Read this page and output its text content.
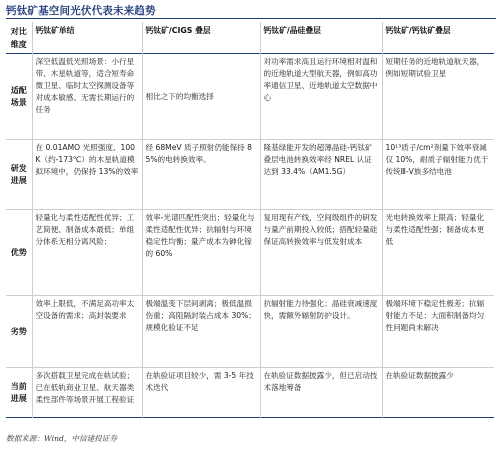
钙钛矿基空间光伏代表未来趋势
对比
维度	钙钛矿单结	钙钛矿/CIGS 叠层	钙钛矿/晶硅叠层	钙钛矿/钙钛矿叠层

适配
场景	深空低温低光照场景：小行星带、木星轨道等，适合短寿命微卫星、临时太空探测设备等对成本敏感、无需长期运行的任务	相比之下的均衡选择	对功率需求高且运行环境相对温和的近地轨道大型航天器，例如高功率通信卫星、近地轨道太空数据中心	短期任务的近地轨道航天器，例如短期试验卫星

研发
进展	在 0.01AMO 光照强度、100K（约-173℃）的木星轨道模拟环境中，仍保持 13%的效率	经 68MeV 质子照射仍能保持 85%的电转换效率。	隆基绿能开发的超薄晶硅-钙钛矿叠层电池转换效率经 NREL 认证达到 33.4%（AM1.5G）	10¹³质子/cm²剂量下效率衰减仅 10%，耐质子辐射能力优于传统Ⅲ-Ⅴ族多结电池

优势	轻量化与柔性适配性优异；工艺简便、制备成本最低；单组分体系无相分离风险；	效率-光谱匹配性突出；轻量化与柔性适配性优异；抗辐射与环境稳定性均衡；量产成本为砷化镓的 60%	复用现有产线，空间级组件的研发与量产前期投入较低；搭配轻量硅保证高转换效率与低发射成本	光电转换效率上限高；轻量化与柔性适配性强；制备成本更低

劣势	效率上限低，不满足高功率太空设备的需求；高封装要求	极端温变下层间剥离；极低温损伤重；高阻隔封装占成本 30%；规模化验证不足	抗辐射能力待强化；晶硅衰减速度快，需额外辐射防护设计。	极端环境下稳定性极差；抗辐射能力不足；大面积制备均匀性问题尚未解决

当前
进展	多次搭载卫星完成在轨试验；已在低轨商业卫星、航天器类柔性部件等场景开展工程验证	在轨验证项目较少，需 3-5 年技术迭代	在轨验证数据披露少，但已启动技术落地筹备	在轨验证数据披露少
数据来源：Wind，中信建投证券
